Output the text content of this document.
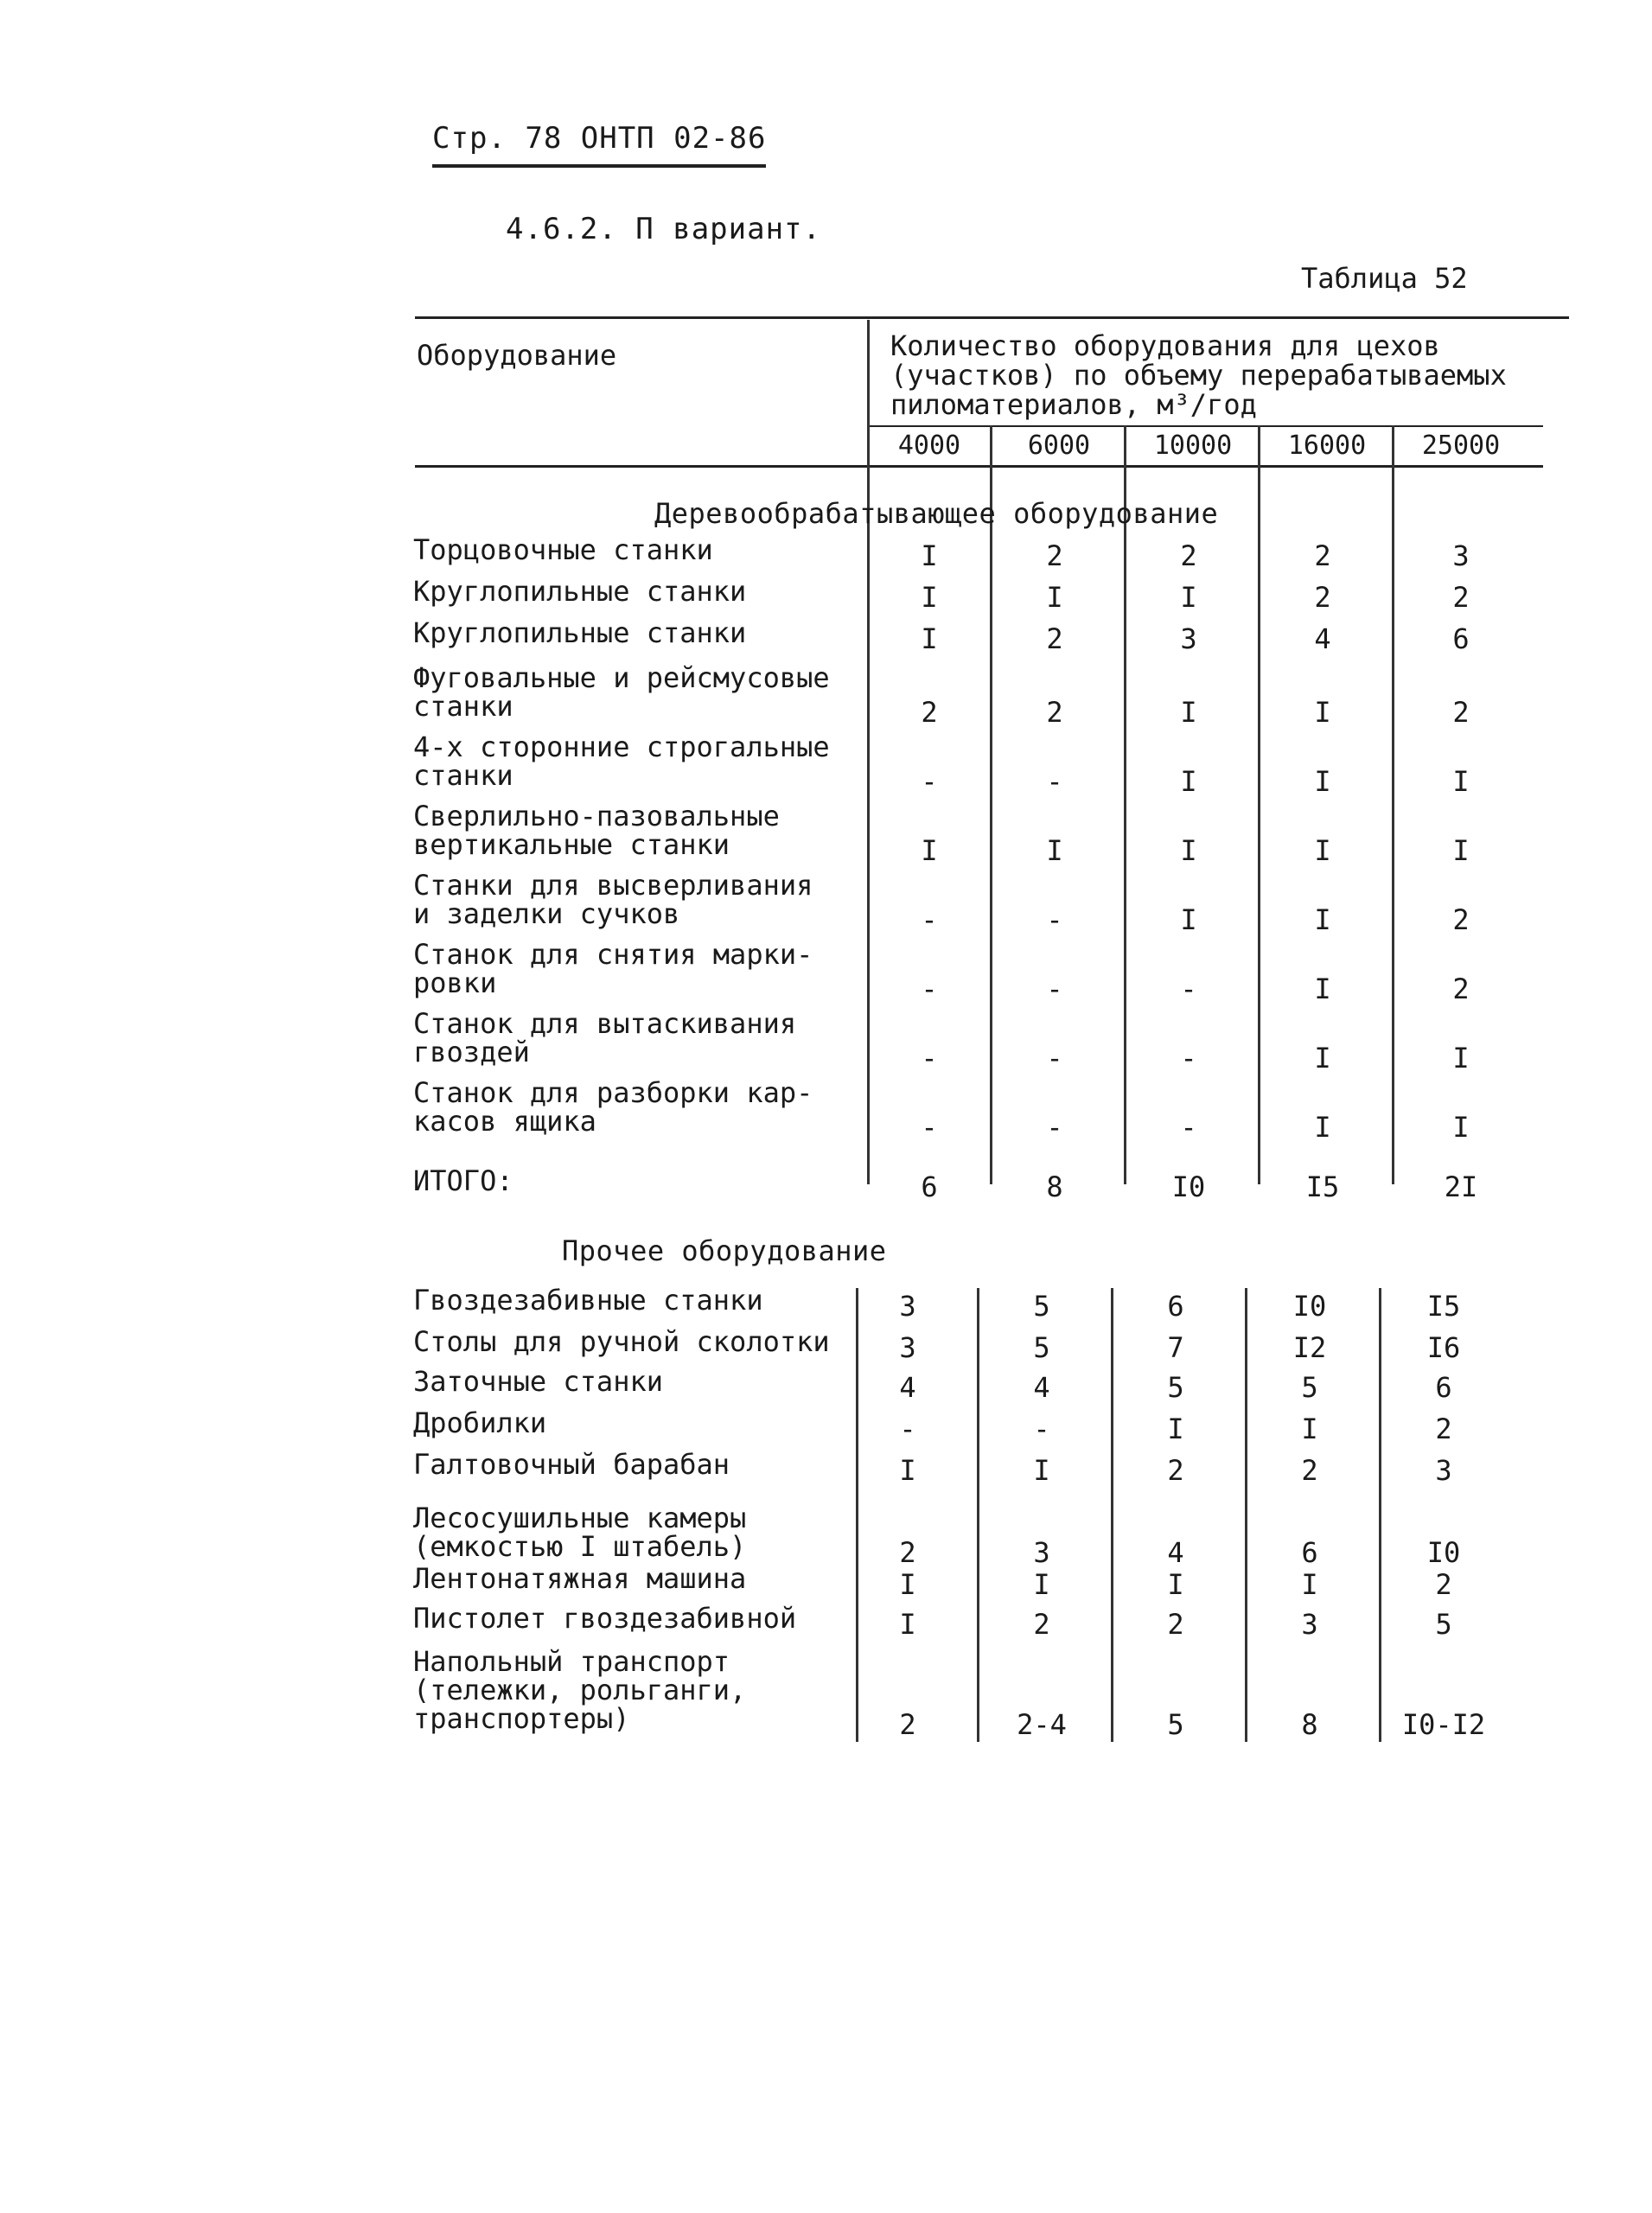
Стр. 78 ОНТП 02-86
4.6.2. П вариант.
Таблица 52
Оборудование	Количество оборудования для цехов
(участков) по объему перерабатываемых
пиломатериалов, м³/год
4000	6000	10000	16000	25000
Деревообрабатывающее оборудование
Прочее оборудование
Торцовочные станки	I	2	2	2	3
Круглопильные станки	I	I	I	2	2
Круглопильные станки	I	2	3	4	6
Фуговальные и рейсмусовые
станки	2	2	I	I	2
4-х сторонние строгальные
станки	-	-	I	I	I
Сверлильно-пазовальные
вертикальные станки	I	I	I	I	I
Станки для высверливания
и заделки сучков	-	-	I	I	2
Станок для снятия марки-
ровки	-	-	-	I	2
Станок для вытаскивания
гвоздей	-	-	-	I	I
Станок для разборки кар-
касов ящика	-	-	-	I	I
ИТОГО:	6	8	I0	I5	2I
Гвоздезабивные станки	3	5	6	I0	I5
Столы для ручной сколотки	3	5	7	I2	I6
Заточные станки	4	4	5	5	6
Дробилки	-	-	I	I	2
Галтовочный барабан	I	I	2	2	3
Лесосушильные камеры
(емкостью I штабель)	2	3	4	6	I0
Лентонатяжная машина	I	I	I	I	2
Пистолет гвоздезабивной	I	2	2	3	5
Напольный транспорт
(тележки, рольганги,
транспортеры)	2	2-4	5	8	I0-I2
